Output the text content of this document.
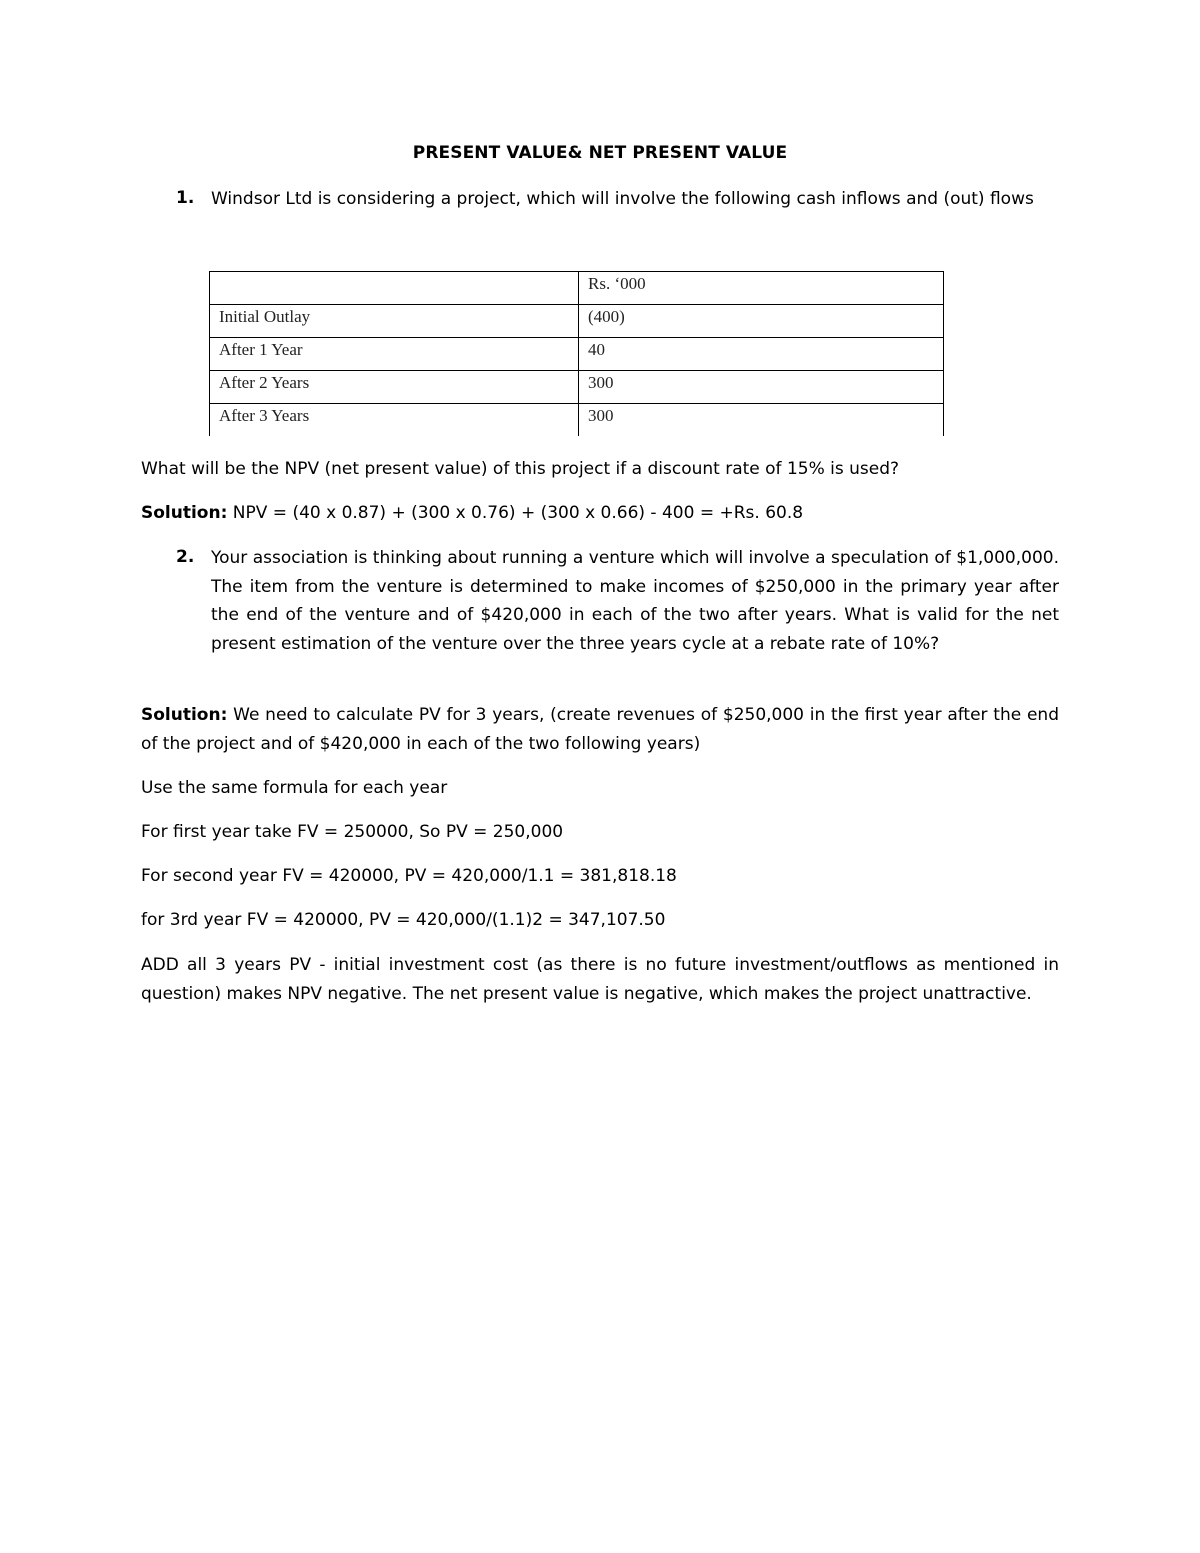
PRESENT VALUE& NET PRESENT VALUE
1. Windsor Ltd is considering a project, which will involve the following cash inflows and (out) flows
	Rs. ‘000
Initial Outlay	(400)
After 1 Year	40
After 2 Years	300
After 3 Years	300
What will be the NPV (net present value) of this project if a discount rate of 15% is used?
Solution: NPV = (40 x 0.87) + (300 x 0.76) + (300 x 0.66) - 400 = +Rs. 60.8
2. Your association is thinking about running a venture which will involve a speculation of $1,000,000. The item from the venture is determined to make incomes of $250,000 in the primary year after the end of the venture and of $420,000 in each of the two after years. What is valid for the net present estimation of the venture over the three years cycle at a rebate rate of 10%?
Solution: We need to calculate PV for 3 years, (create revenues of $250,000 in the first year after the end of the project and of $420,000 in each of the two following years)
Use the same formula for each year
For first year take FV = 250000, So PV = 250,000
For second year FV = 420000, PV = 420,000/1.1 = 381,818.18
for 3rd year FV = 420000, PV = 420,000/(1.1)2 = 347,107.50
ADD all 3 years PV - initial investment cost (as there is no future investment/outflows as mentioned in question) makes NPV negative. The net present value is negative, which makes the project unattractive.
